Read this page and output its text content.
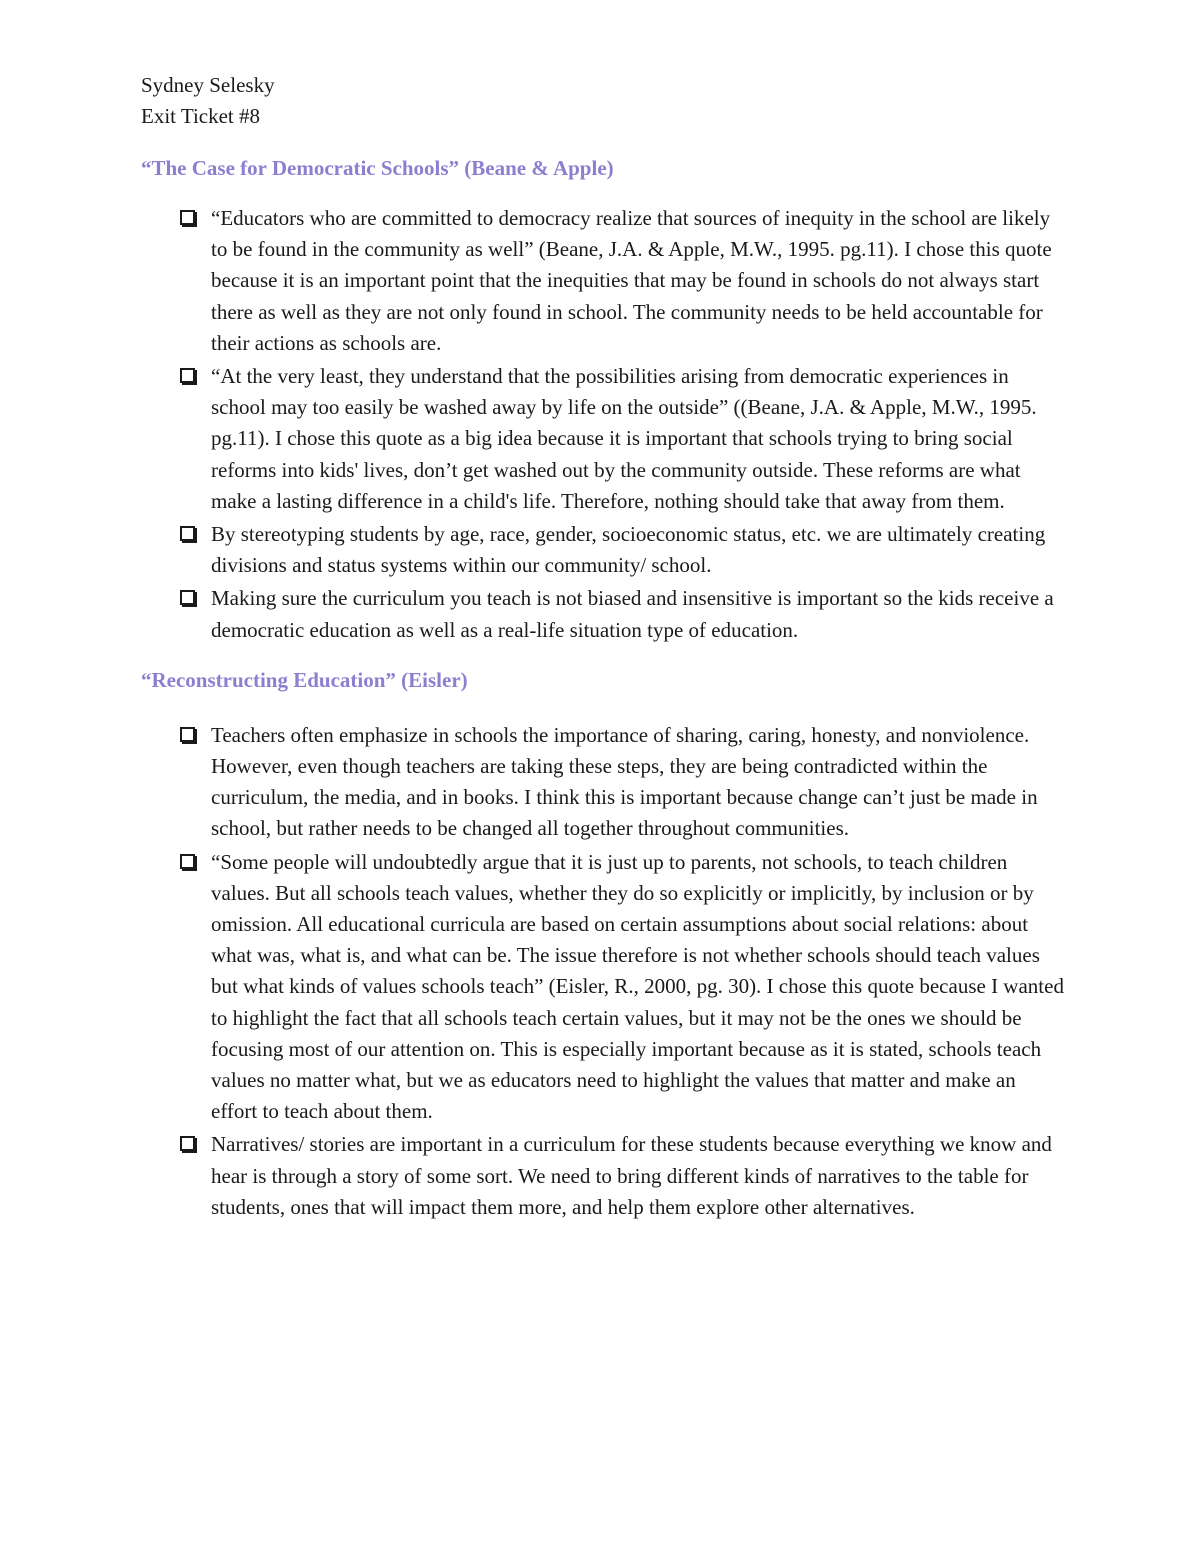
Sydney Selesky

Exit Ticket #8

“The Case for Democratic Schools” (Beane & Apple)

“Educators who are committed to democracy realize that sources of inequity in the school are likely to be found in the community as well” (Beane, J.A. & Apple, M.W., 1995. pg.11). I chose this quote because it is an important point that the inequities that may be found in schools do not always start there as well as they are not only found in school. The community needs to be held accountable for their actions as schools are.
“At the very least, they understand that the possibilities arising from democratic experiences in school may too easily be washed away by life on the outside” ((Beane, J.A. & Apple, M.W., 1995. pg.11). I chose this quote as a big idea because it is important that schools trying to bring social reforms into kids' lives, don’t get washed out by the community outside. These reforms are what make a lasting difference in a child's life. Therefore, nothing should take that away from them.
By stereotyping students by age, race, gender, socioeconomic status, etc. we are ultimately creating divisions and status systems within our community/ school.
Making sure the curriculum you teach is not biased and insensitive is important so the kids receive a democratic education as well as a real-life situation type of education.

“Reconstructing Education” (Eisler)

Teachers often emphasize in schools the importance of sharing, caring, honesty, and nonviolence. However, even though teachers are taking these steps, they are being contradicted within the curriculum, the media, and in books. I think this is important because change can’t just be made in school, but rather needs to be changed all together throughout communities.
“Some people will undoubtedly argue that it is just up to parents, not schools, to teach children values. But all schools teach values, whether they do so explicitly or implicitly, by inclusion or by omission. All educational curricula are based on certain assumptions about social relations: about what was, what is, and what can be. The issue therefore is not whether schools should teach values but what kinds of values schools teach” (Eisler, R., 2000, pg. 30). I chose this quote because I wanted to highlight the fact that all schools teach certain values, but it may not be the ones we should be focusing most of our attention on. This is especially important because as it is stated, schools teach values no matter what, but we as educators need to highlight the values that matter and make an effort to teach about them.
Narratives/ stories are important in a curriculum for these students because everything we know and hear is through a story of some sort. We need to bring different kinds of narratives to the table for students, ones that will impact them more, and help them explore other alternatives.
